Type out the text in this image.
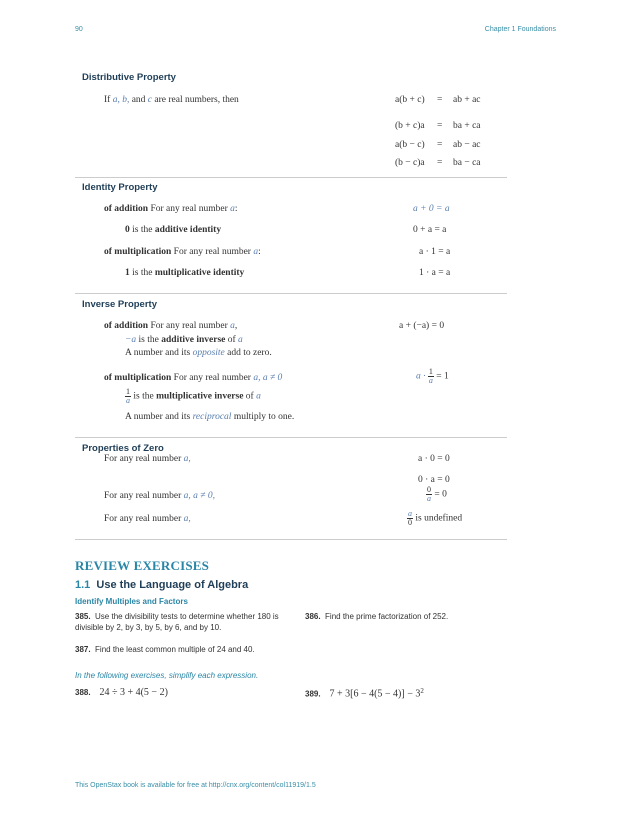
90	Chapter 1 Foundations
Distributive Property
If a, b, and c are real numbers, then	a(b + c) = ab + ac
(b + c)a = ba + ca
a(b − c) = ab − ac
(b − c)a = ba − ca
Identity Property
of addition For any real number a:	a + 0 = a
0 is the additive identity	0 + a = a
of multiplication For any real number a:	a · 1 = a
1 is the multiplicative identity	1 · a = a
Inverse Property
of addition For any real number a,	a + (−a) = 0
−a is the additive inverse of a
A number and its opposite add to zero.
of multiplication For any real number a, a ≠ 0	$a \cdot \frac{1}{a} = 1$
$\frac{1}{a}$ is the multiplicative inverse of a
A number and its reciprocal multiply to one.
Properties of Zero
For any real number a,	a · 0 = 0
0 · a = 0
For any real number a, a ≠ 0,	$\frac{0}{a} = 0$
For any real number a,	$\frac{a}{0}$ is undefined
REVIEW EXERCISES
1.1 Use the Language of Algebra
Identify Multiples and Factors
385. Use the divisibility tests to determine whether 180 is divisible by 2, by 3, by 5, by 6, and by 10.
386. Find the prime factorization of 252.
387. Find the least common multiple of 24 and 40.
In the following exercises, simplify each expression.
388. 24 ÷ 3 + 4(5 − 2)	389. $7 + 3[6 - 4(5 - 4)] - 3^2$
This OpenStax book is available for free at http://cnx.org/content/col11919/1.5
